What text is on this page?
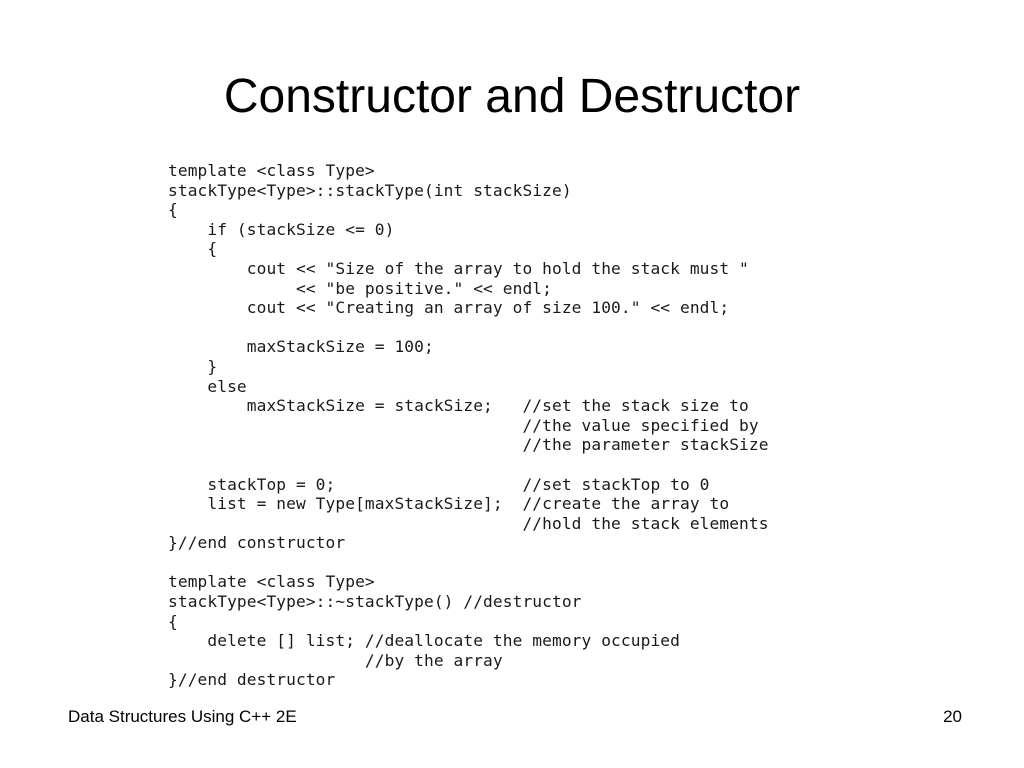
Constructor and Destructor
template <class Type>
stackType<Type>::stackType(int stackSize)
{
if (stackSize <= 0)
{
cout << "Size of the array to hold the stack must "
<< "be positive." << endl;
cout << "Creating an array of size 100." << endl;
maxStackSize = 100;
}
else
maxStackSize = stackSize;   //set the stack size to
//the value specified by
//the parameter stackSize
stackTop = 0;                   //set stackTop to 0
list = new Type[maxStackSize];  //create the array to
//hold the stack elements
}//end constructor
template <class Type>
stackType<Type>::~stackType() //destructor
{
delete [] list; //deallocate the memory occupied
//by the array
}//end destructor
Data Structures Using C++ 2E	20
